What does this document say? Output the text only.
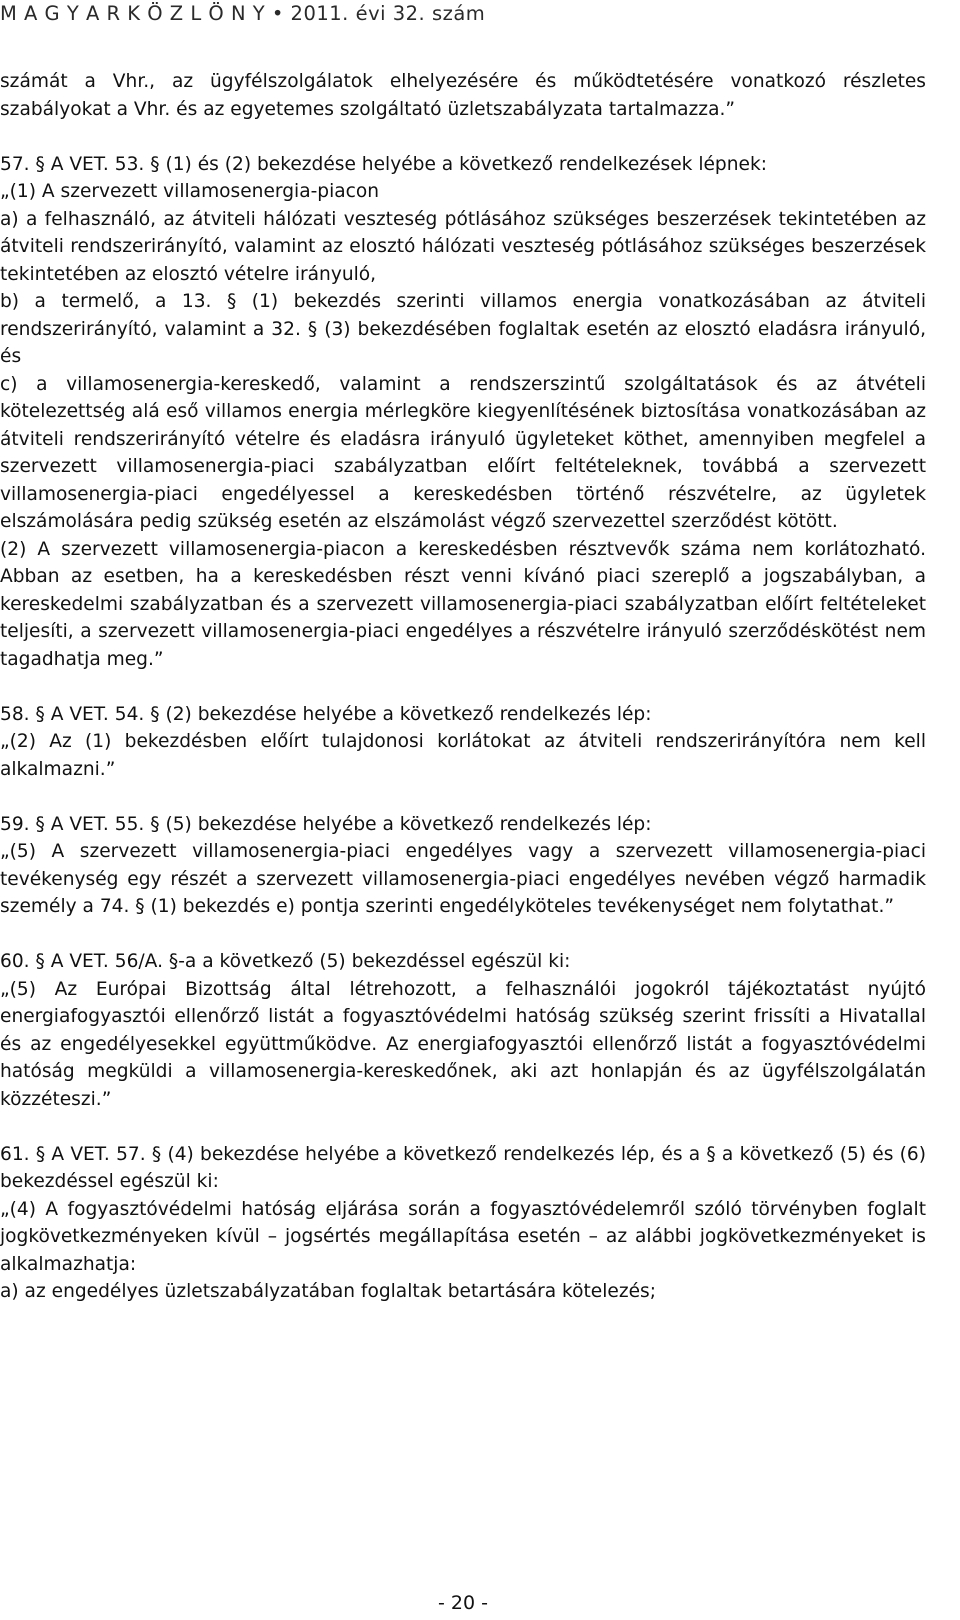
M A G Y A R K Ö Z L Ö N Y • 2011. évi 32. szám

számát a Vhr., az ügyfélszolgálatok elhelyezésére és működtetésére vonatkozó részletes szabályokat a Vhr. és az egyetemes szolgáltató üzletszabályzata tartalmazza.”

57. § A VET. 53. § (1) és (2) bekezdése helyébe a következő rendelkezések lépnek:

„(1) A szervezett villamosenergia-piacon

a) a felhasználó, az átviteli hálózati veszteség pótlásához szükséges beszerzések tekintetében az átviteli rendszerirányító, valamint az elosztó hálózati veszteség pótlásához szükséges beszerzések tekintetében az elosztó vételre irányuló,

b) a termelő, a 13. § (1) bekezdés szerinti villamos energia vonatkozásában az átviteli rendszerirányító, valamint a 32. § (3) bekezdésében foglaltak esetén az elosztó eladásra irányuló, és

c) a villamosenergia-kereskedő, valamint a rendszerszintű szolgáltatások és az átvételi kötelezettség alá eső villamos energia mérlegköre kiegyenlítésének biztosítása vonatkozásában az átviteli rendszerirányító vételre és eladásra irányuló ügyleteket köthet, amennyiben megfelel a szervezett villamosenergia-piaci szabályzatban előírt feltételeknek, továbbá a szervezett villamosenergia-piaci engedélyessel a kereskedésben történő részvételre, az ügyletek elszámolására pedig szükség esetén az elszámolást végző szervezettel szerződést kötött.

(2) A szervezett villamosenergia-piacon a kereskedésben résztvevők száma nem korlátozható. Abban az esetben, ha a kereskedésben részt venni kívánó piaci szereplő a jogszabályban, a kereskedelmi szabályzatban és a szervezett villamosenergia-piaci szabályzatban előírt feltételeket teljesíti, a szervezett villamosenergia-piaci engedélyes a részvételre irányuló szerződéskötést nem tagadhatja meg.”

58. § A VET. 54. § (2) bekezdése helyébe a következő rendelkezés lép:

„(2) Az (1) bekezdésben előírt tulajdonosi korlátokat az átviteli rendszerirányítóra nem kell alkalmazni.”

59. § A VET. 55. § (5) bekezdése helyébe a következő rendelkezés lép:

„(5) A szervezett villamosenergia-piaci engedélyes vagy a szervezett villamosenergia-piaci tevékenység egy részét a szervezett villamosenergia-piaci engedélyes nevében végző harmadik személy a 74. § (1) bekezdés e) pontja szerinti engedélyköteles tevékenységet nem folytathat.”

60. § A VET. 56/A. §-a a következő (5) bekezdéssel egészül ki:

„(5) Az Európai Bizottság által létrehozott, a felhasználói jogokról tájékoztatást nyújtó energiafogyasztói ellenőrző listát a fogyasztóvédelmi hatóság szükség szerint frissíti a Hivatallal és az engedélyesekkel együttműködve. Az energiafogyasztói ellenőrző listát a fogyasztóvédelmi hatóság megküldi a villamosenergia-kereskedőnek, aki azt honlapján és az ügyfélszolgálatán közzéteszi.”

61. § A VET. 57. § (4) bekezdése helyébe a következő rendelkezés lép, és a § a következő (5) és (6) bekezdéssel egészül ki:

„(4) A fogyasztóvédelmi hatóság eljárása során a fogyasztóvédelemről szóló törvényben foglalt jogkövetkezményeken kívül – jogsértés megállapítása esetén – az alábbi jogkövetkezményeket is alkalmazhatja:

a) az engedélyes üzletszabályzatában foglaltak betartására kötelezés;

- 20 -
